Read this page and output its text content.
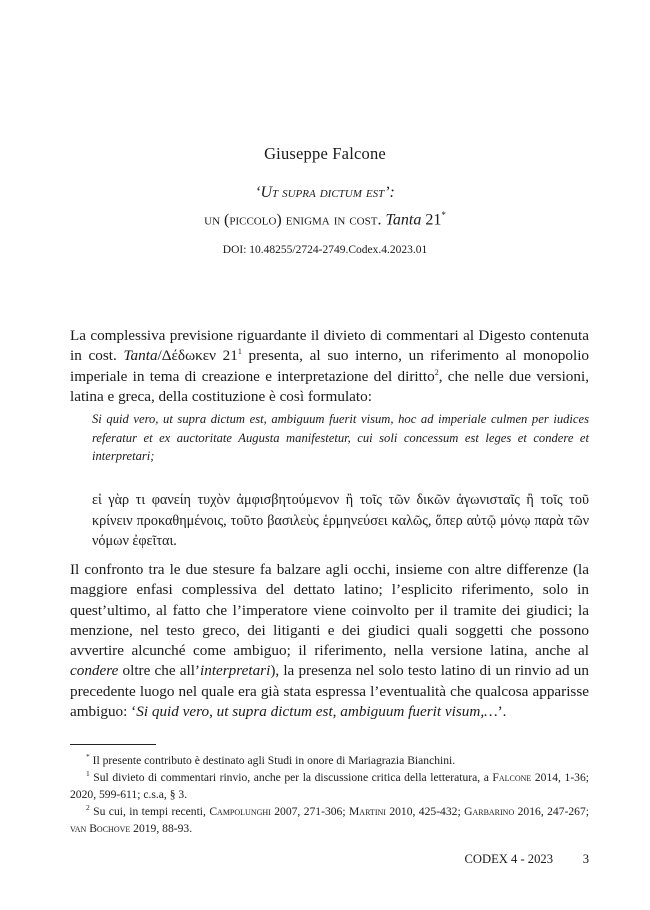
Giuseppe Falcone
‘Ut supra dictum est’:
un (piccolo) enigma in cost. Tanta 21*
DOI: 10.48255/2724-2749.Codex.4.2023.01
La complessiva previsione riguardante il divieto di commentari al Digesto contenuta in cost. Tanta/Δέδωκεν 21$^1$ presenta, al suo interno, un riferimento al monopolio imperiale in tema di creazione e interpretazione del diritto$^2$, che nelle due versioni, latina e greca, della costituzione è così formulato:
Si quid vero, ut supra dictum est, ambiguum fuerit visum, hoc ad imperiale culmen per iudices referatur et ex auctoritate Augusta manifestetur, cui soli concessum est leges et condere et interpretari;
εἰ γὰρ τι φανείη τυχὸν ἀμφισβητούμενον ἢ τοῖς τῶν δικῶν ἀγωνισταῖς ἢ τοῖς τοῦ κρίνειν προκαθημένοις, τοῦτο βασιλεὺς ἑρμηνεύσει καλῶς, ὅπερ αὐτῷ μόνῳ παρὰ τῶν νόμων ἐφεῖται.
Il confronto tra le due stesure fa balzare agli occhi, insieme con altre differenze (la maggiore enfasi complessiva del dettato latino; l’esplicito riferimento, solo in quest’ultimo, al fatto che l’imperatore viene coinvolto per il tramite dei giudici; la menzione, nel testo greco, dei litiganti e dei giudici quali soggetti che possono avvertire alcunché come ambiguo; il riferimento, nella versione latina, anche al condere oltre che all’interpretari), la presenza nel solo testo latino di un rinvio ad un precedente luogo nel quale era già stata espressa l’eventualità che qualcosa apparisse ambiguo: ‘Si quid vero, ut supra dictum est, ambiguum fuerit visum,…’.

* Il presente contributo è destinato agli Studi in onore di Mariagrazia Bianchini.

$^1$ Sul divieto di commentari rinvio, anche per la discussione critica della letteratura, a Falcone 2014, 1-36; 2020, 599-611; c.s.a, § 3.

$^2$ Su cui, in tempi recenti, Campolunghi 2007, 271-306; Martini 2010, 425-432; Garbarino 2016, 247-267; van Bochove 2019, 88-93.

CODEX 4 - 2023 3
